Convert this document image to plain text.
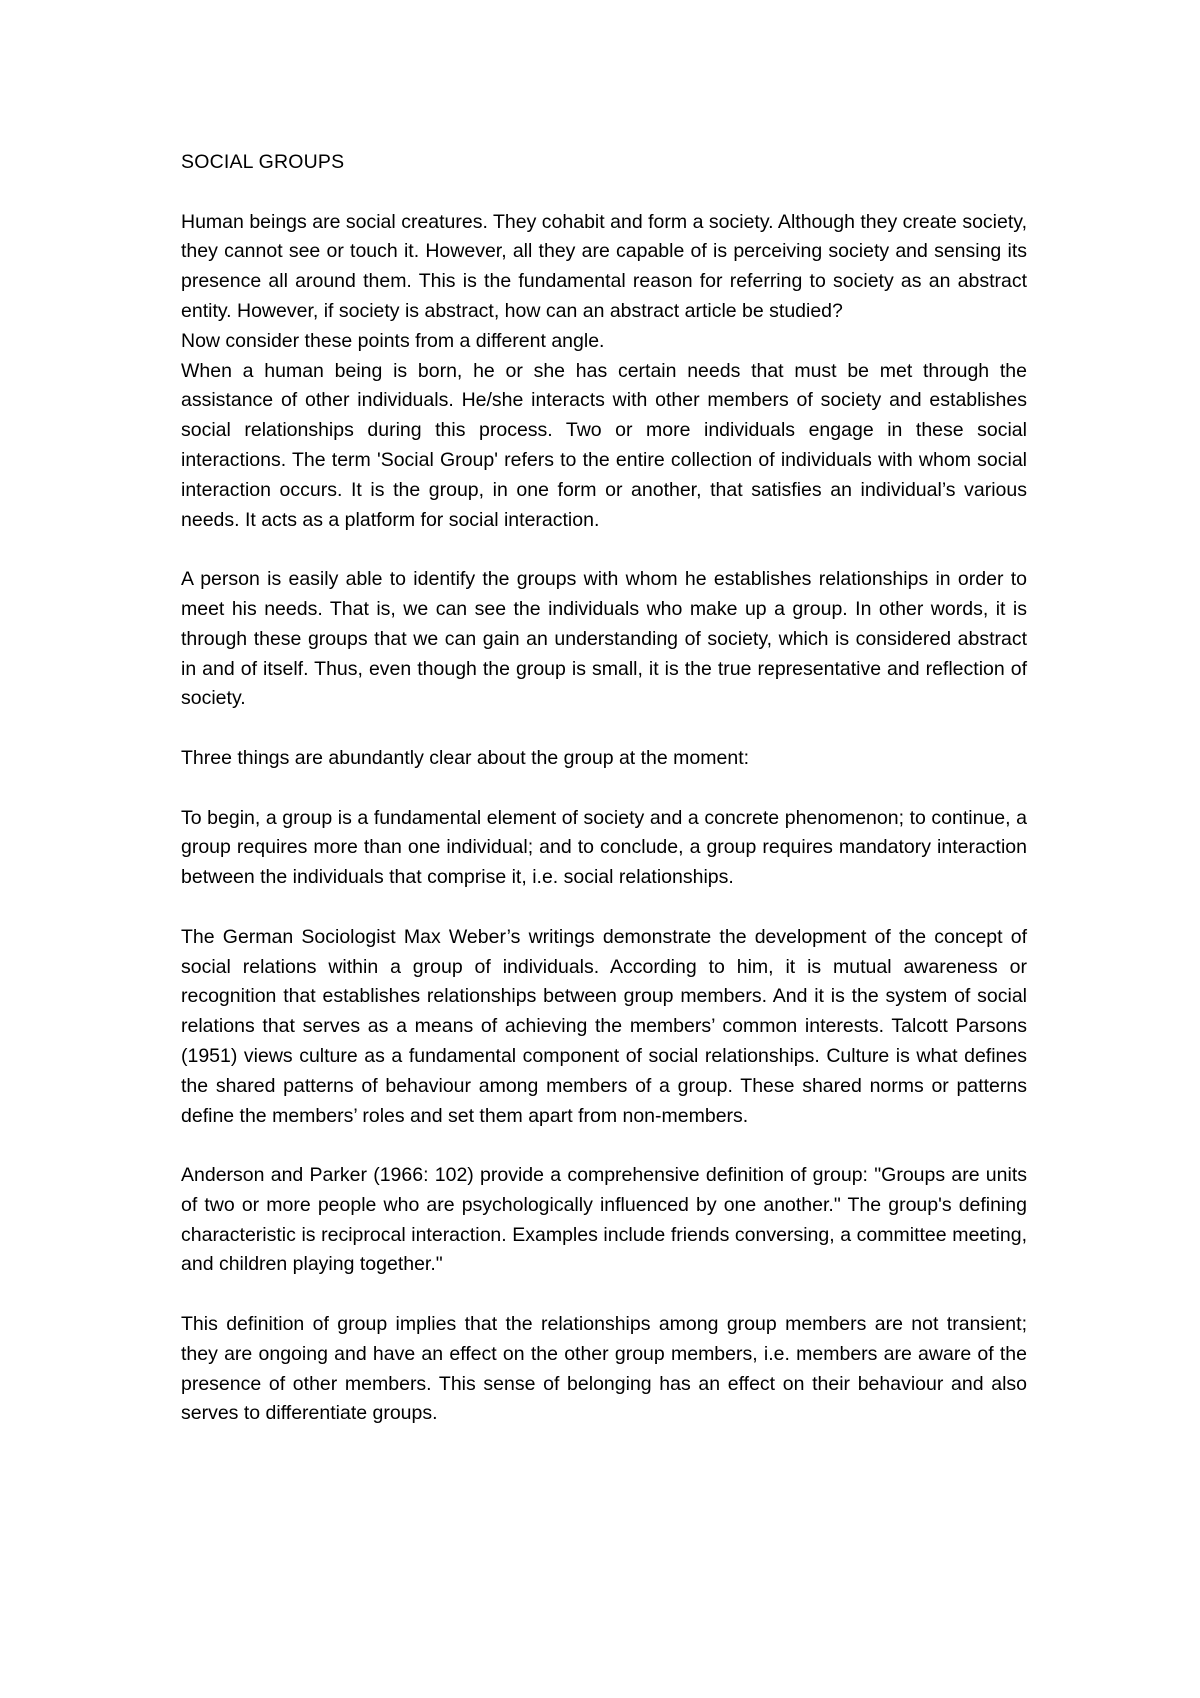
SOCIAL GROUPS

Human beings are social creatures. They cohabit and form a society. Although they create society, they cannot see or touch it. However, all they are capable of is perceiving society and sensing its presence all around them. This is the fundamental reason for referring to society as an abstract entity. However, if society is abstract, how can an abstract article be studied?

Now consider these points from a different angle.

When a human being is born, he or she has certain needs that must be met through the assistance of other individuals. He/she interacts with other members of society and establishes social relationships during this process. Two or more individuals engage in these social interactions. The term 'Social Group' refers to the entire collection of individuals with whom social interaction occurs. It is the group, in one form or another, that satisfies an individual’s various needs. It acts as a platform for social interaction.

A person is easily able to identify the groups with whom he establishes relationships in order to meet his needs. That is, we can see the individuals who make up a group. In other words, it is through these groups that we can gain an understanding of society, which is considered abstract in and of itself. Thus, even though the group is small, it is the true representative and reflection of society.

Three things are abundantly clear about the group at the moment:

To begin, a group is a fundamental element of society and a concrete phenomenon; to continue, a group requires more than one individual; and to conclude, a group requires mandatory interaction between the individuals that comprise it, i.e. social relationships.

The German Sociologist Max Weber’s writings demonstrate the development of the concept of social relations within a group of individuals. According to him, it is mutual awareness or recognition that establishes relationships between group members. And it is the system of social relations that serves as a means of achieving the members’ common interests. Talcott Parsons (1951) views culture as a fundamental component of social relationships. Culture is what defines the shared patterns of behaviour among members of a group. These shared norms or patterns define the members’ roles and set them apart from non-members.

Anderson and Parker (1966: 102) provide a comprehensive definition of group: "Groups are units of two or more people who are psychologically influenced by one another." The group's defining characteristic is reciprocal interaction. Examples include friends conversing, a committee meeting, and children playing together."

This definition of group implies that the relationships among group members are not transient; they are ongoing and have an effect on the other group members, i.e. members are aware of the presence of other members. This sense of belonging has an effect on their behaviour and also serves to differentiate groups.
